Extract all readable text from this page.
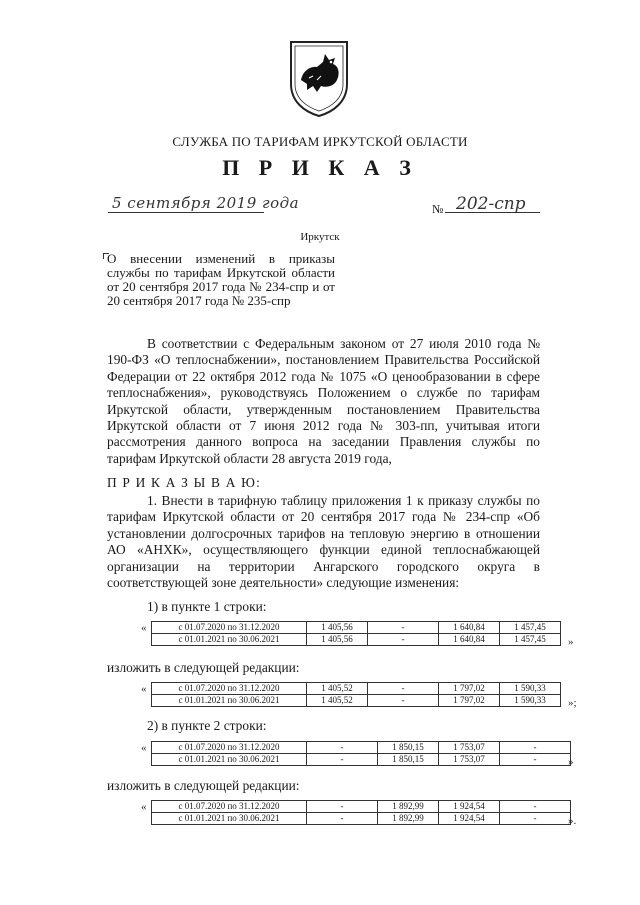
СЛУЖБА ПО ТАРИФАМ ИРКУТСКОЙ ОБЛАСТИ
П Р И К А З
5 сентября 2019 года	№ 202-спр
Иркутск
О внесении изменений в приказы службы по тарифам Иркутской области от 20 сентября 2017 года № 234-спр и от 20 сентября 2017 года № 235-спр
В соответствии с Федеральным законом от 27 июля 2010 года № 190-ФЗ «О теплоснабжении», постановлением Правительства Российской Федерации от 22 октября 2012 года № 1075 «О ценообразовании в сфере теплоснабжения», руководствуясь Положением о службе по тарифам Иркутской области, утвержденным постановлением Правительства Иркутской области от 7 июня 2012 года № 303-пп, учитывая итоги рассмотрения данного вопроса на заседании Правления службы по тарифам Иркутской области 28 августа 2019 года,
П Р И К А З Ы В А Ю:
1. Внести в тарифную таблицу приложения 1 к приказу службы по тарифам Иркутской области от 20 сентября 2017 года № 234-спр «Об установлении долгосрочных тарифов на тепловую энергию в отношении АО «АНХК», осуществляющего функции единой теплоснабжающей организации на территории Ангарского городского округа в соответствующей зоне деятельности» следующие изменения:
1) в пункте 1 строки:
«	с 01.07.2020 по 31.12.2020	1 405,56	-	1 640,84	1 457,45
с 01.01.2021 по 30.06.2021	1 405,56	-	1 640,84	1 457,45 »
изложить в следующей редакции:
«	с 01.07.2020 по 31.12.2020	1 405,52	-	1 797,02	1 590,33
с 01.01.2021 по 30.06.2021	1 405,52	-	1 797,02	1 590,33 »;
2) в пункте 2 строки:
«	с 01.07.2020 по 31.12.2020	-	1 850,15	1 753,07	-
с 01.01.2021 по 30.06.2021	-	1 850,15	1 753,07	-	»
изложить в следующей редакции:
«	с 01.07.2020 по 31.12.2020	-	1 892,99	1 924,54	-
с 01.01.2021 по 30.06.2021	-	1 892,99	1 924,54	-	».
